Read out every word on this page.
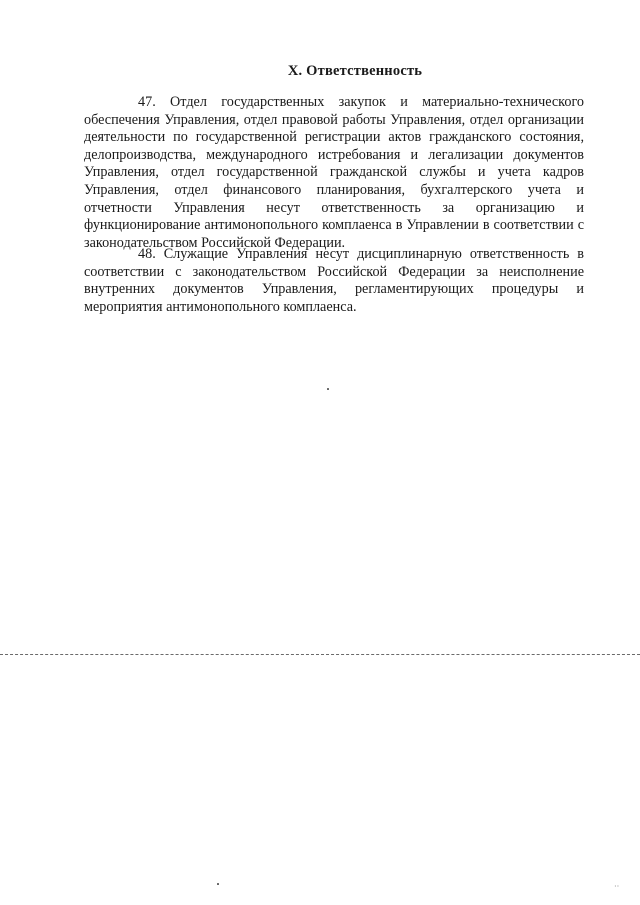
X. Ответственность

47. Отдел государственных закупок и материально-технического обеспечения Управления, отдел правовой работы Управления, отдел организации деятельности по государственной регистрации актов гражданского состояния, делопроизводства, международного истребования и легализации документов Управления, отдел государственной гражданской службы и учета кадров Управления, отдел финансового планирования, бухгалтерского учета и отчетности Управления несут ответственность за организацию и функционирование антимонопольного комплаенса в Управлении в соответствии с законодательством Российской Федерации.

48. Служащие Управления несут дисциплинарную ответственность в соответствии с законодательством Российской Федерации за неисполнение внутренних документов Управления, регламентирующих процедуры и мероприятия антимонопольного комплаенса.

··
